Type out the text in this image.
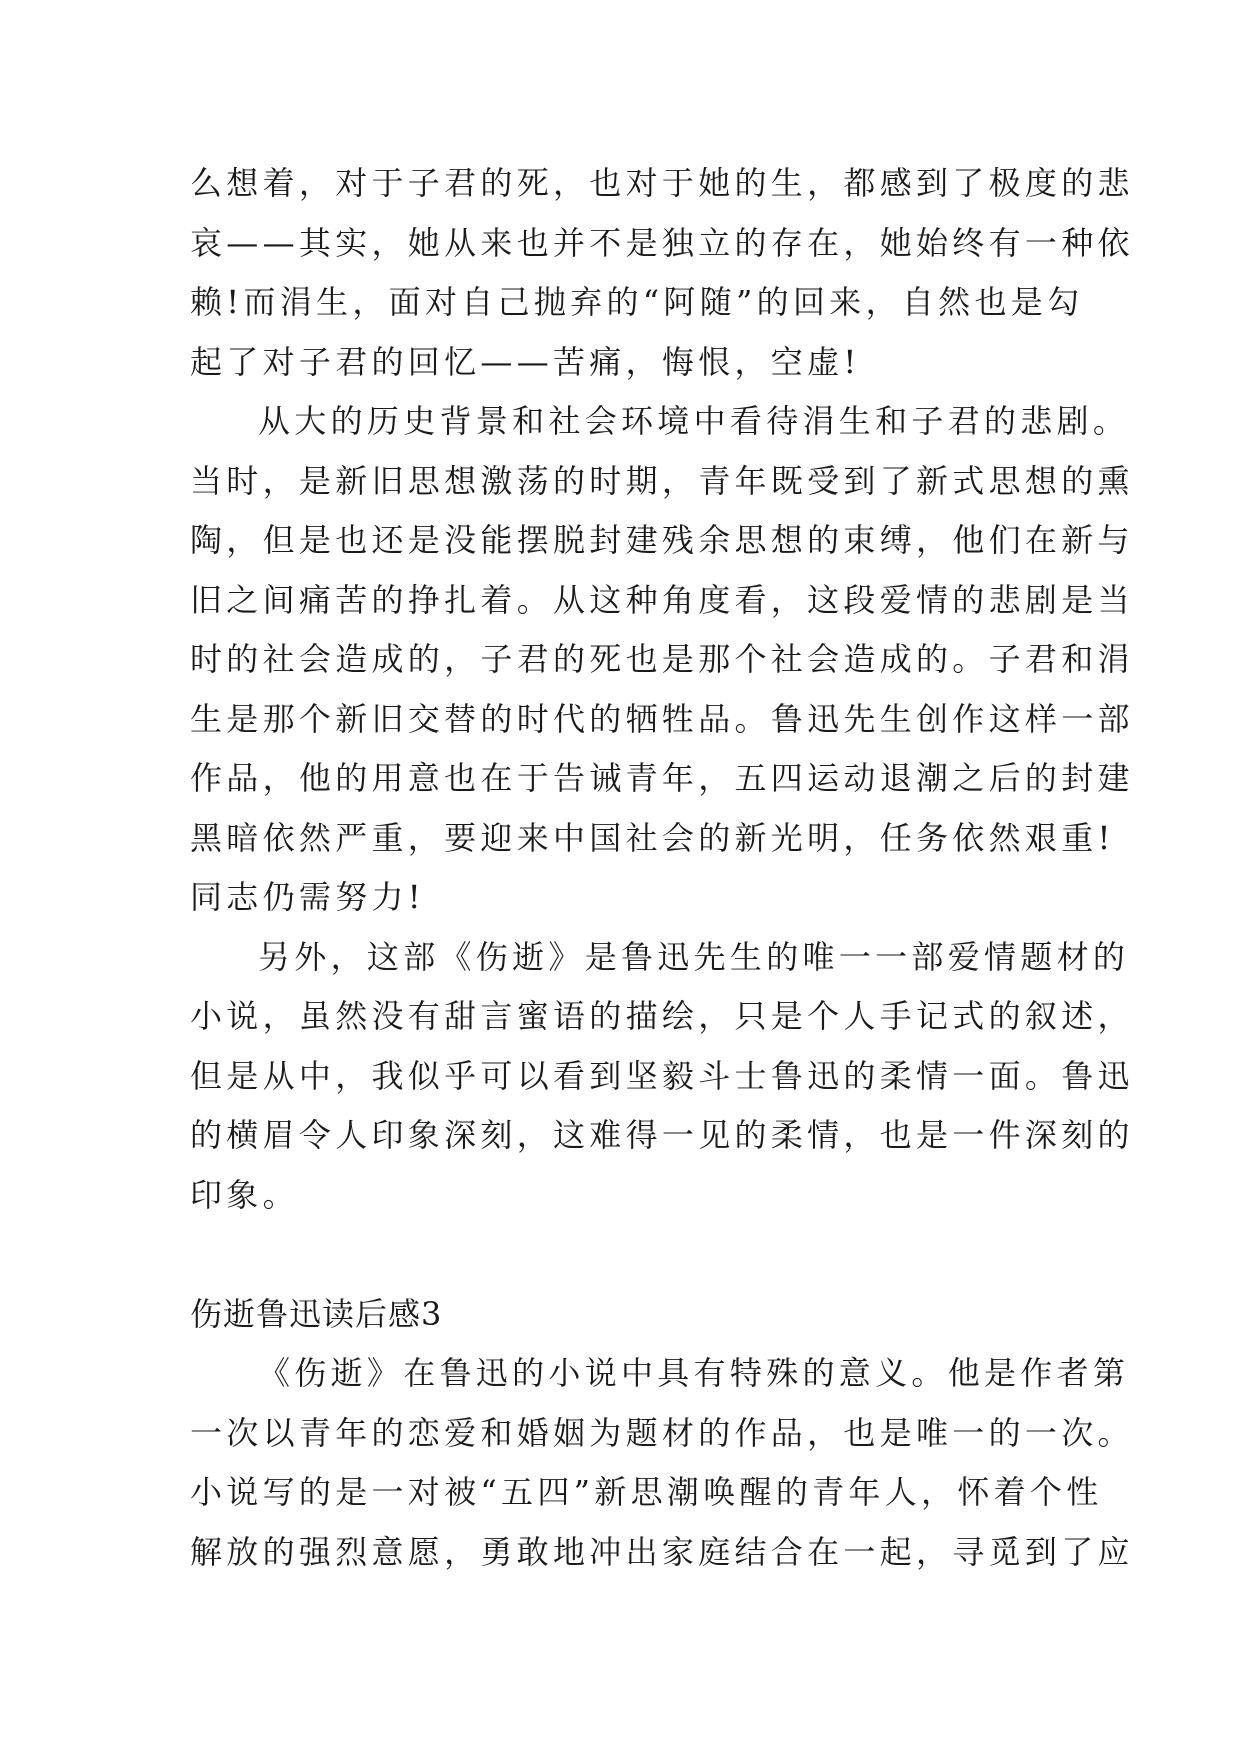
么想着，对于子君的死，也对于她的生，都感到了极度的悲
哀——其实，她从来也并不是独立的存在，她始终有一种依
赖!而涓生，面对自己抛弃的“阿随”的回来，自然也是勾
起了对子君的回忆——苦痛，悔恨，空虚!

从大的历史背景和社会环境中看待涓生和子君的悲剧。
当时，是新旧思想激荡的时期，青年既受到了新式思想的熏
陶，但是也还是没能摆脱封建残余思想的束缚，他们在新与
旧之间痛苦的挣扎着。从这种角度看，这段爱情的悲剧是当
时的社会造成的，子君的死也是那个社会造成的。子君和涓
生是那个新旧交替的时代的牺牲品。鲁迅先生创作这样一部
作品，他的用意也在于告诫青年，五四运动退潮之后的封建
黑暗依然严重，要迎来中国社会的新光明，任务依然艰重!
同志仍需努力!

另外，这部《伤逝》是鲁迅先生的唯一一部爱情题材的
小说，虽然没有甜言蜜语的描绘，只是个人手记式的叙述，
但是从中，我似乎可以看到坚毅斗士鲁迅的柔情一面。鲁迅
的横眉令人印象深刻，这难得一见的柔情，也是一件深刻的
印象。

伤逝鲁迅读后感3

《伤逝》在鲁迅的小说中具有特殊的意义。他是作者第
一次以青年的恋爱和婚姻为题材的作品，也是唯一的一次。
小说写的是一对被“五四”新思潮唤醒的青年人，怀着个性
解放的强烈意愿，勇敢地冲出家庭结合在一起，寻觅到了应
